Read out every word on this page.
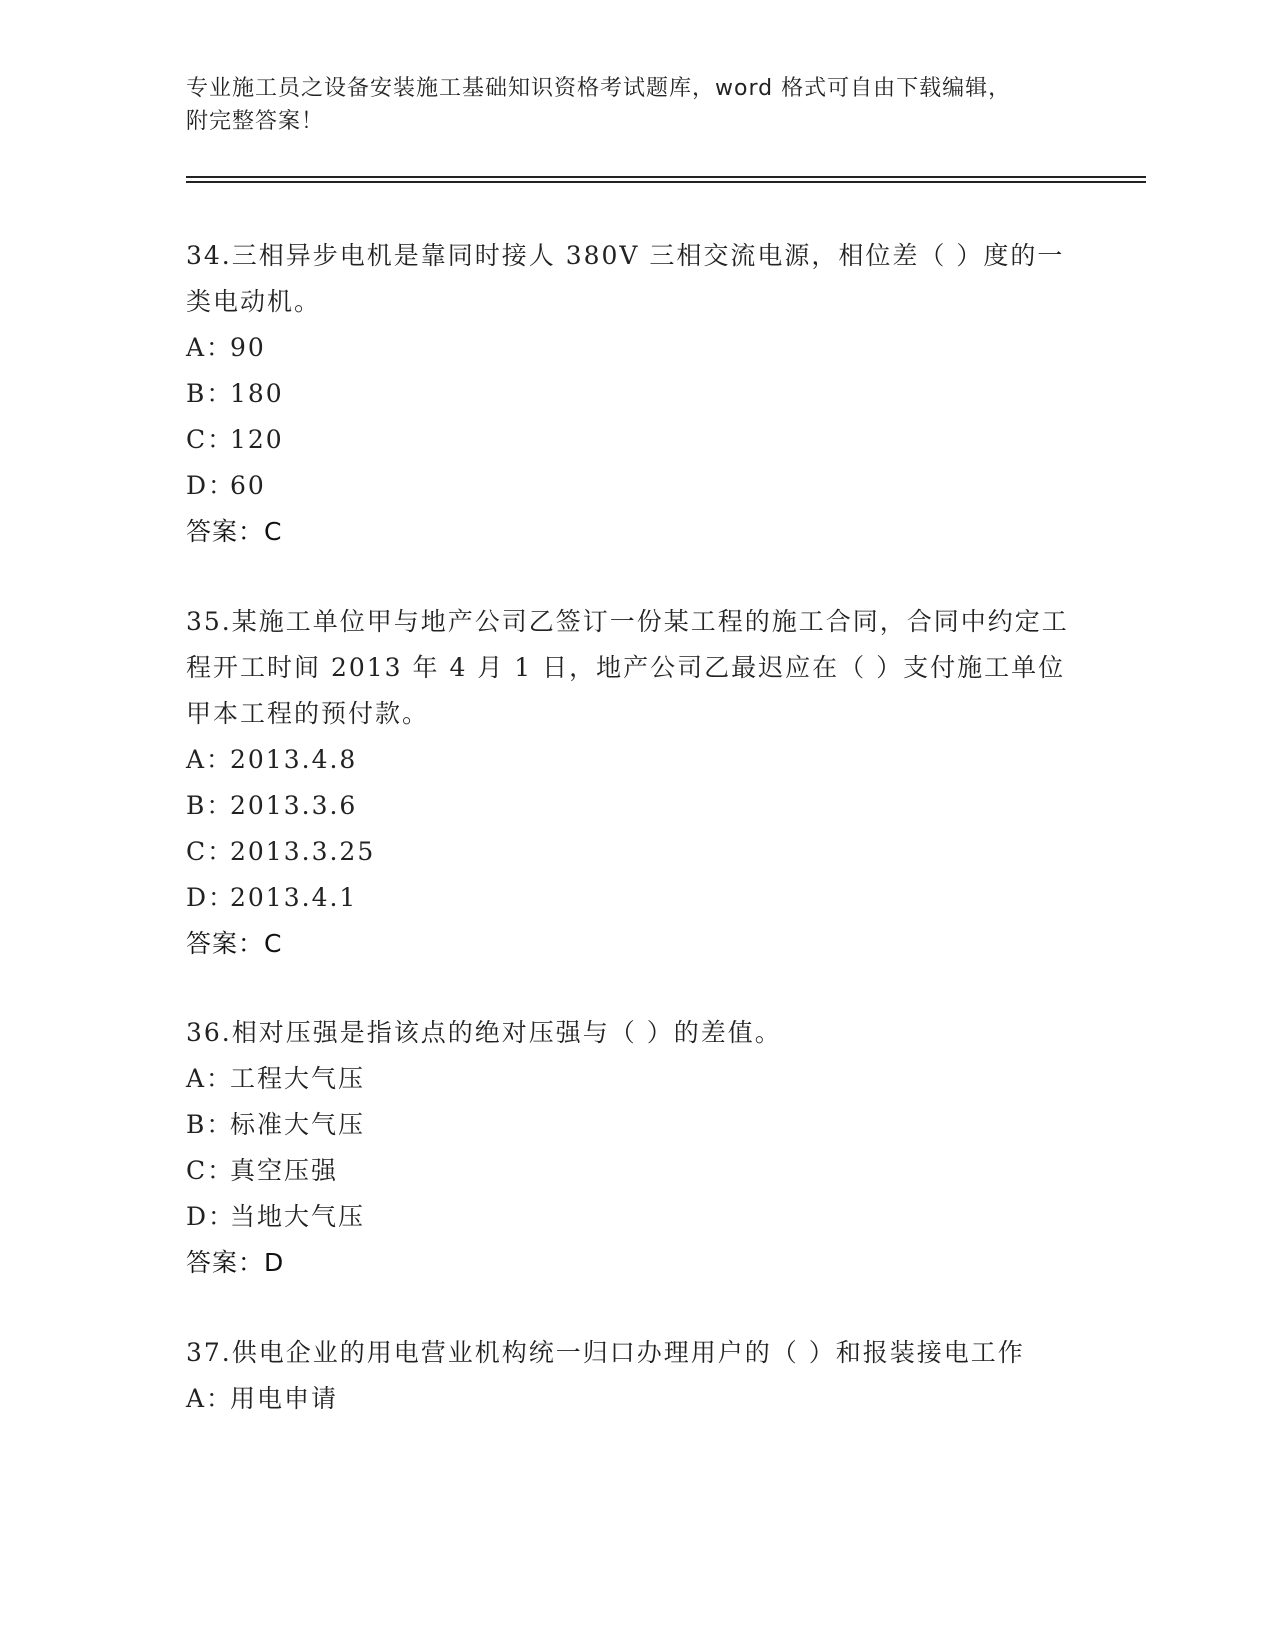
专业施工员之设备安装施工基础知识资格考试题库，word 格式可自由下载编辑，
附完整答案！

34.三相异步电机是靠同时接人 380V 三相交流电源，相位差（ ）度的一类电动机。

A：90

B：180

C：120

D：60

答案：C

35.某施工单位甲与地产公司乙签订一份某工程的施工合同，合同中约定工程开工时间 2013 年 4 月 1 日，地产公司乙最迟应在（ ）支付施工单位甲本工程的预付款。

A：2013.4.8

B：2013.3.6

C：2013.3.25

D：2013.4.1

答案：C

36.相对压强是指该点的绝对压强与（ ）的差值。

A：工程大气压

B：标准大气压

C：真空压强

D：当地大气压

答案：D

37.供电企业的用电营业机构统一归口办理用户的（ ）和报装接电工作

A：用电申请
